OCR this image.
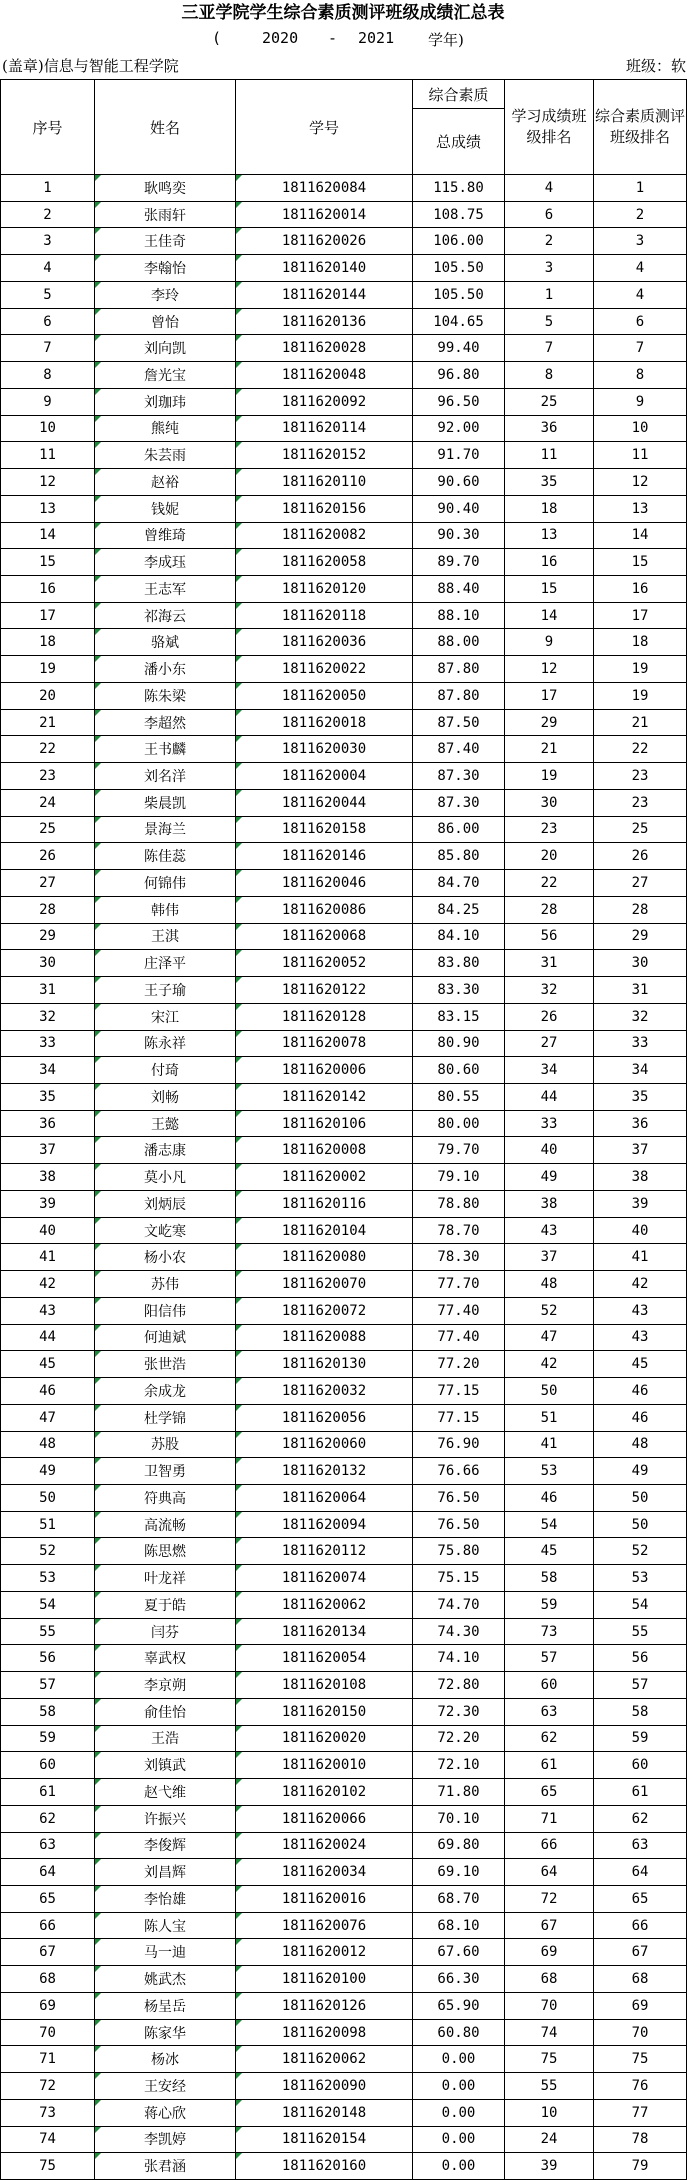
三亚学院学生综合素质测评班级成绩汇总表

(

	2020

-

2021

学年)

(盖章)信息与智能工程学院	班级：软
序号	姓名	学号	综合素质	学习成绩班级排名	综合素质测评班级排名
			总成绩		
1	耿鸣奕	1811620084	115.80	4	1
2	张雨轩	1811620014	108.75	6	2
3	王佳奇	1811620026	106.00	2	3
4	李翰怡	1811620140	105.50	3	4
5	李玲	1811620144	105.50	1	4
6	曾怡	1811620136	104.65	5	6
7	刘向凯	1811620028	99.40	7	7
8	詹光宝	1811620048	96.80	8	8
9	刘珈玮	1811620092	96.50	25	9
10	熊纯	1811620114	92.00	36	10
11	朱芸雨	1811620152	91.70	11	11
12	赵裕	1811620110	90.60	35	12
13	钱妮	1811620156	90.40	18	13
14	曾维琦	1811620082	90.30	13	14
15	李成珏	1811620058	89.70	16	15
16	王志军	1811620120	88.40	15	16
17	祁海云	1811620118	88.10	14	17
18	骆斌	1811620036	88.00	9	18
19	潘小东	1811620022	87.80	12	19
20	陈朱梁	1811620050	87.80	17	19
21	李超然	1811620018	87.50	29	21
22	王书麟	1811620030	87.40	21	22
23	刘名洋	1811620004	87.30	19	23
24	柴晨凯	1811620044	87.30	30	23
25	景海兰	1811620158	86.00	23	25
26	陈佳蕊	1811620146	85.80	20	26
27	何锦伟	1811620046	84.70	22	27
28	韩伟	1811620086	84.25	28	28
29	王淇	1811620068	84.10	56	29
30	庄泽平	1811620052	83.80	31	30
31	王子瑜	1811620122	83.30	32	31
32	宋江	1811620128	83.15	26	32
33	陈永祥	1811620078	80.90	27	33
34	付琦	1811620006	80.60	34	34
35	刘畅	1811620142	80.55	44	35
36	王懿	1811620106	80.00	33	36
37	潘志康	1811620008	79.70	40	37
38	莫小凡	1811620002	79.10	49	38
39	刘炳辰	1811620116	78.80	38	39
40	文屹寒	1811620104	78.70	43	40
41	杨小农	1811620080	78.30	37	41
42	苏伟	1811620070	77.70	48	42
43	阳信伟	1811620072	77.40	52	43
44	何迪斌	1811620088	77.40	47	43
45	张世浩	1811620130	77.20	42	45
46	余成龙	1811620032	77.15	50	46
47	杜学锦	1811620056	77.15	51	46
48	苏股	1811620060	76.90	41	48
49	卫智勇	1811620132	76.66	53	49
50	符典高	1811620064	76.50	46	50
51	高流畅	1811620094	76.50	54	50
52	陈思燃	1811620112	75.80	45	52
53	叶龙祥	1811620074	75.15	58	53
54	夏于皓	1811620062	74.70	59	54
55	闫芬	1811620134	74.30	73	55
56	辜武权	1811620054	74.10	57	56
57	李京朔	1811620108	72.80	60	57
58	俞佳怡	1811620150	72.30	63	58
59	王浩	1811620020	72.20	62	59
60	刘镇武	1811620010	72.10	61	60
61	赵弋维	1811620102	71.80	65	61
62	许振兴	1811620066	70.10	71	62
63	李俊辉	1811620024	69.80	66	63
64	刘昌辉	1811620034	69.10	64	64
65	李怡雄	1811620016	68.70	72	65
66	陈人宝	1811620076	68.10	67	66
67	马一迪	1811620012	67.60	69	67
68	姚武杰	1811620100	66.30	68	68
69	杨呈岳	1811620126	65.90	70	69
70	陈家华	1811620098	60.80	74	70
71	杨冰	1811620062	0.00	75	75
72	王安经	1811620090	0.00	55	76
73	蒋心欣	1811620148	0.00	10	77
74	李凯婷	1811620154	0.00	24	78
75	张君涵	1811620160	0.00	39	79
